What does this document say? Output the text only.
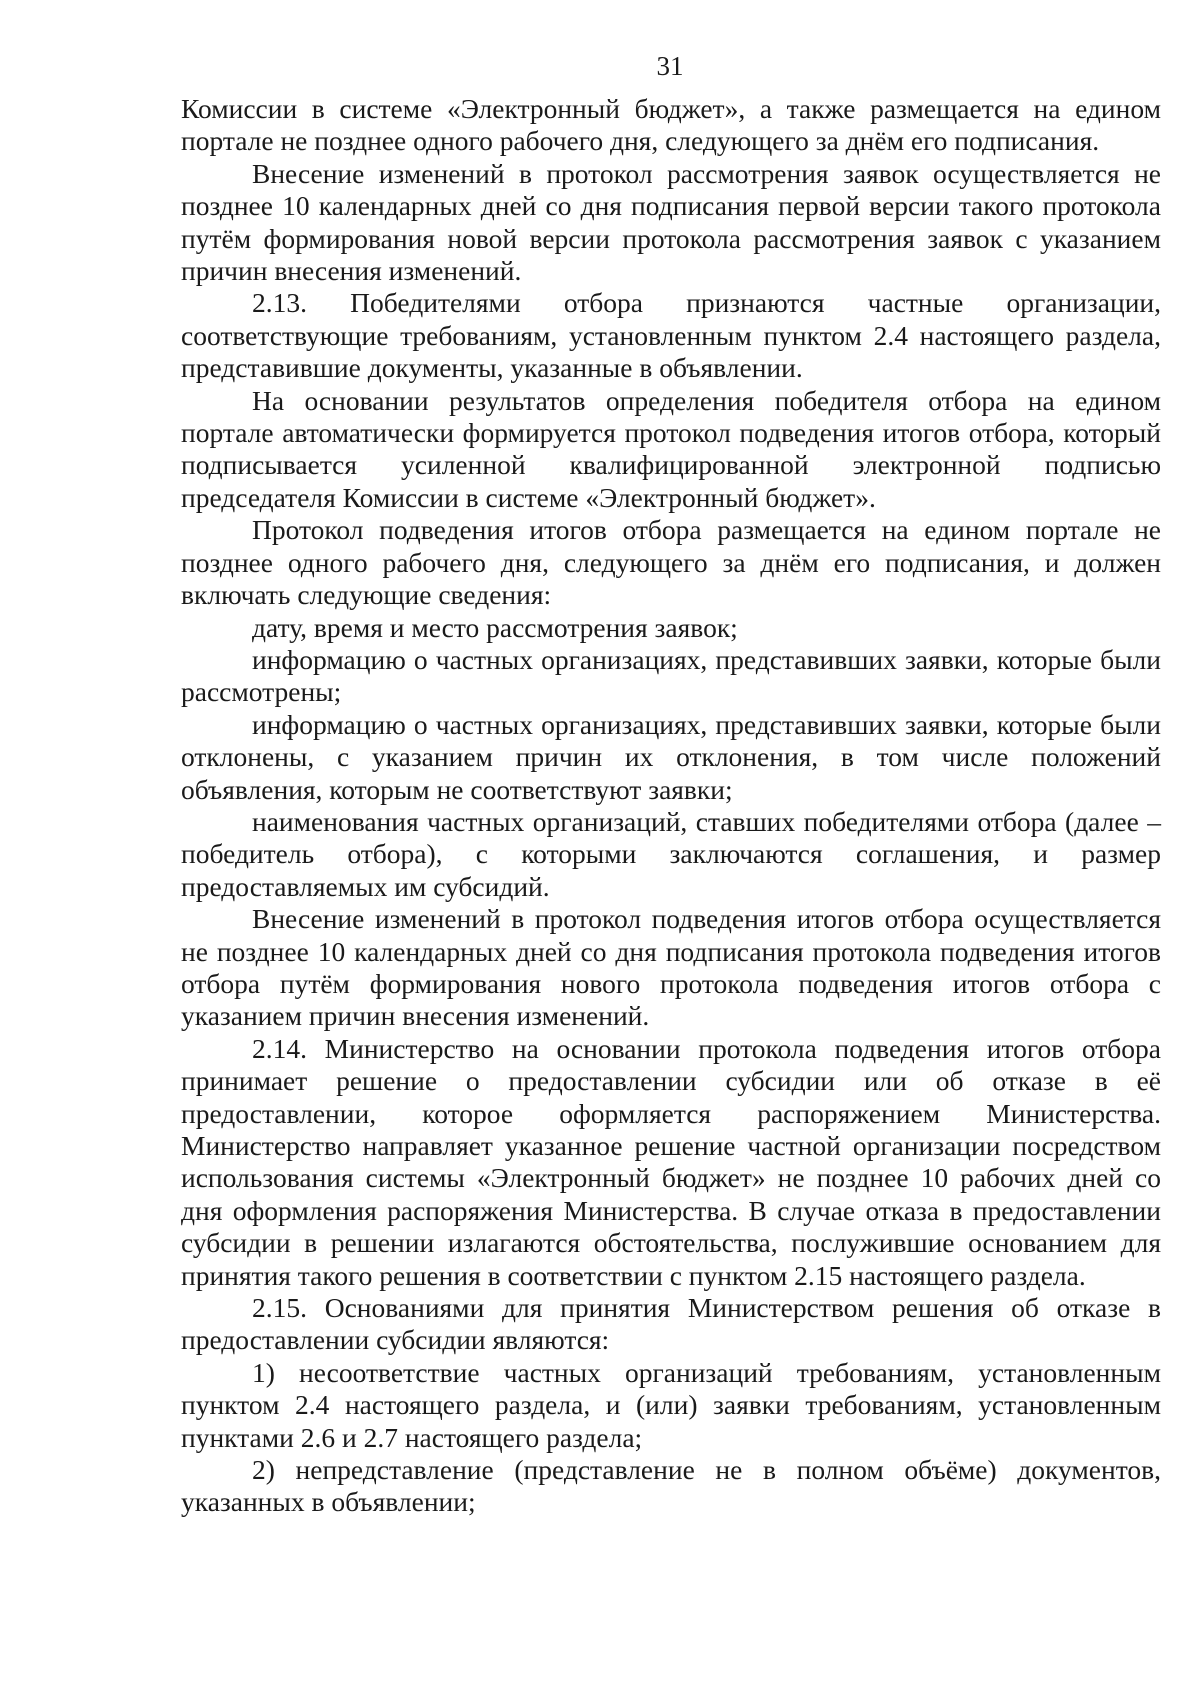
31

Комиссии в системе «Электронный бюджет», а также размещается на едином портале не позднее одного рабочего дня, следующего за днём его подписания.

Внесение изменений в протокол рассмотрения заявок осуществляется не позднее 10 календарных дней со дня подписания первой версии такого протокола путём формирования новой версии протокола рассмотрения заявок с указанием причин внесения изменений.

2.13. Победителями отбора признаются частные организации, соответствующие требованиям, установленным пунктом 2.4 настоящего раздела, представившие документы, указанные в объявлении.

На основании результатов определения победителя отбора на едином портале автоматически формируется протокол подведения итогов отбора, который подписывается усиленной квалифицированной электронной подписью председателя Комиссии в системе «Электронный бюджет».

Протокол подведения итогов отбора размещается на едином портале не позднее одного рабочего дня, следующего за днём его подписания, и должен включать следующие сведения:

дату, время и место рассмотрения заявок;

информацию о частных организациях, представивших заявки, которые были рассмотрены;

информацию о частных организациях, представивших заявки, которые были отклонены, с указанием причин их отклонения, в том числе положений объявления, которым не соответствуют заявки;

наименования частных организаций, ставших победителями отбора (далее – победитель отбора), с которыми заключаются соглашения, и размер предоставляемых им субсидий.

Внесение изменений в протокол подведения итогов отбора осуществляется не позднее 10 календарных дней со дня подписания протокола подведения итогов отбора путём формирования нового протокола подведения итогов отбора с указанием причин внесения изменений.

2.14. Министерство на основании протокола подведения итогов отбора принимает решение о предоставлении субсидии или об отказе в её предоставлении, которое оформляется распоряжением Министерства. Министерство направляет указанное решение частной организации посредством использования системы «Электронный бюджет» не позднее 10 рабочих дней со дня оформления распоряжения Министерства. В случае отказа в предоставлении субсидии в решении излагаются обстоятельства, послужившие основанием для принятия такого решения в соответствии с пунктом 2.15 настоящего раздела.

2.15. Основаниями для принятия Министерством решения об отказе в предоставлении субсидии являются:

1) несоответствие частных организаций требованиям, установленным пунктом 2.4 настоящего раздела, и (или) заявки требованиям, установленным пунктами 2.6 и 2.7 настоящего раздела;

2) непредставление (представление не в полном объёме) документов, указанных в объявлении;
